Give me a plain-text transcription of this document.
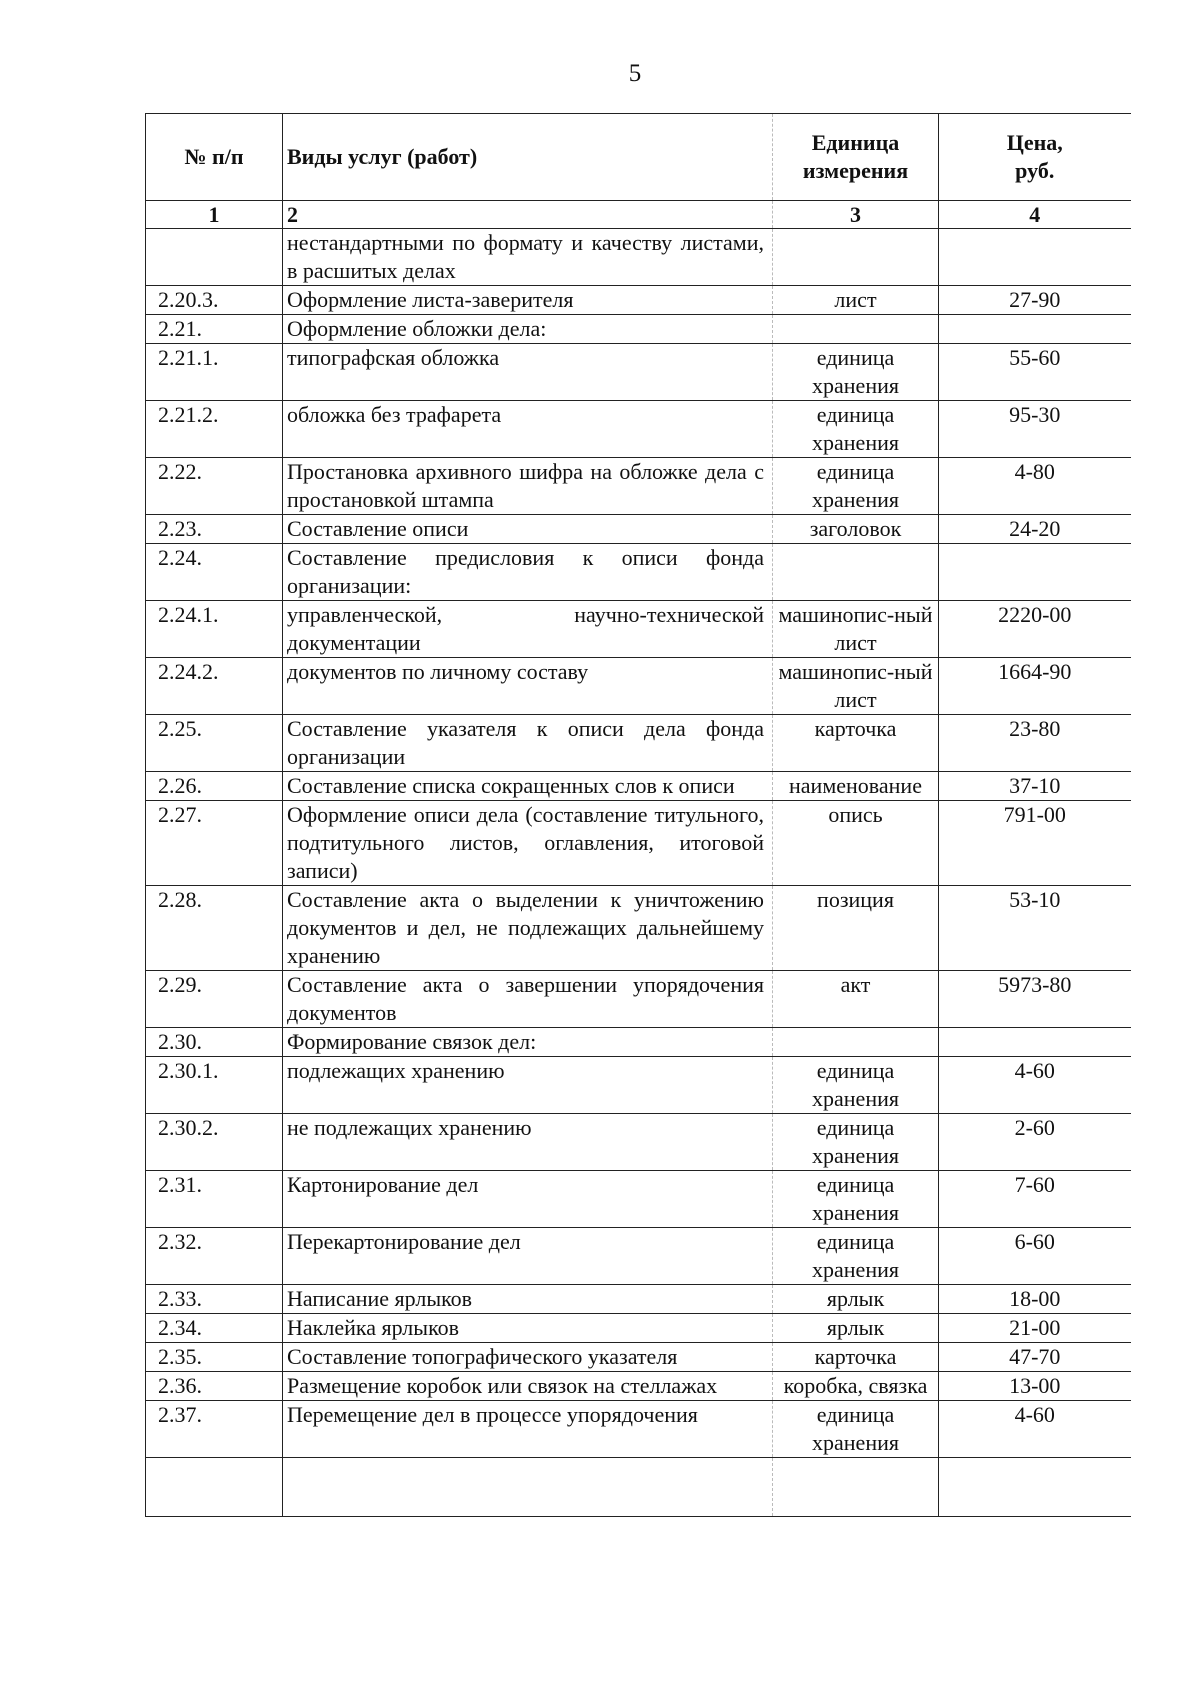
5
№ п/п	Виды услуг (работ)	Единица измерения	Цена, руб.

1	2	3	4
	нестандартными по формату и качеству листами, в расшитых делах		
2.20.3.	Оформление листа-заверителя	лист	27-90
2.21.	Оформление обложки дела:		
2.21.1.	типографская обложка	единица хранения	55-60
2.21.2.	обложка без трафарета	единица хранения	95-30
2.22.	Простановка архивного шифра на обложке дела с простановкой штампа	единица хранения	4-80
2.23.	Составление описи	заголовок	24-20
2.24.	Составление предисловия к описи фонда организации:		
2.24.1.	управленческой, научно-технической документации	машинопис-ный лист	2220-00
2.24.2.	документов по личному составу	машинопис-ный лист	1664-90
2.25.	Составление указателя к описи дела фонда организации	карточка	23-80
2.26.	Составление списка сокращенных слов к описи	наименование	37-10
2.27.	Оформление описи дела (составление титульного, подтитульного листов, оглавления, итоговой записи)	опись	791-00
2.28.	Составление акта о выделении к уничтожению документов и дел, не подлежащих дальнейшему хранению	позиция	53-10
2.29.	Составление акта о завершении упорядочения документов	акт	5973-80
2.30.	Формирование связок дел:		
2.30.1.	подлежащих хранению	единица хранения	4-60
2.30.2.	не подлежащих хранению	единица хранения	2-60
2.31.	Картонирование дел	единица хранения	7-60
2.32.	Перекартонирование дел	единица хранения	6-60
2.33.	Написание ярлыков	ярлык	18-00
2.34.	Наклейка ярлыков	ярлык	21-00
2.35.	Составление топографического указателя	карточка	47-70
2.36.	Размещение коробок или связок на стеллажах	коробка, связка	13-00
2.37.	Перемещение дел в процессе упорядочения	единица хранения	4-60
